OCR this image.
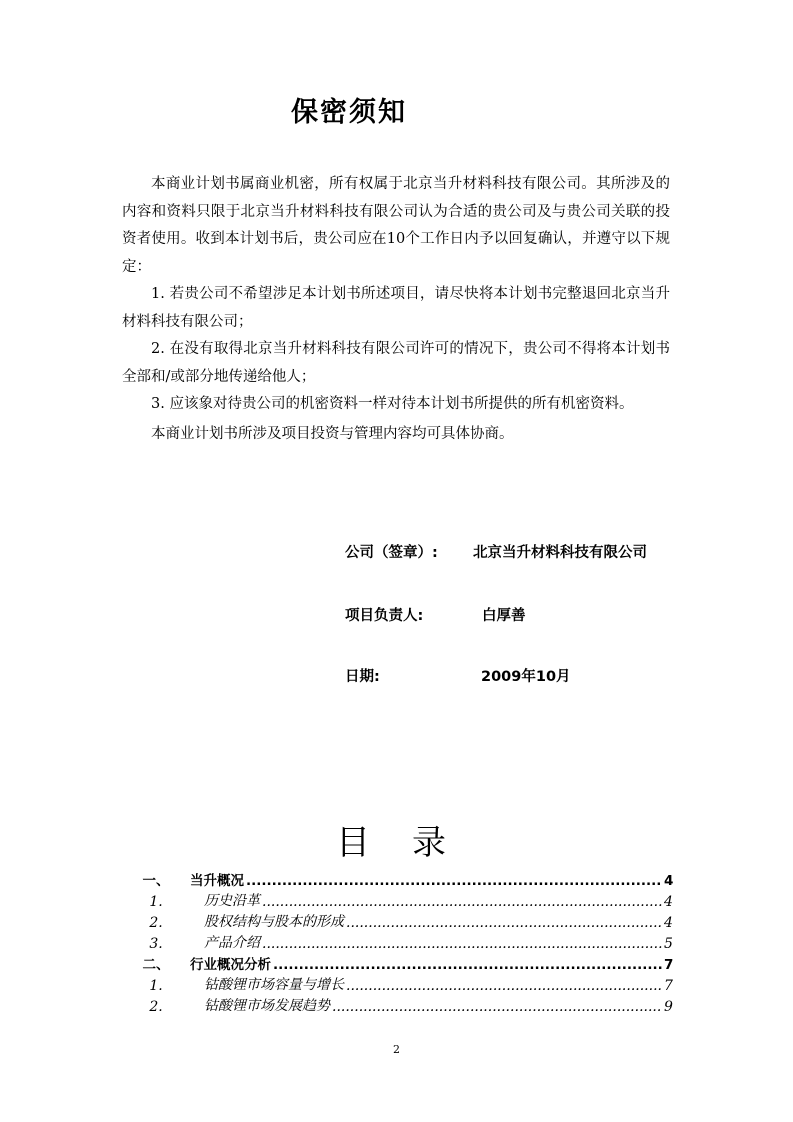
保密须知

本商业计划书属商业机密，所有权属于北京当升材料科技有限公司。其所涉及的内容和资料只限于北京当升材料科技有限公司认为合适的贵公司及与贵公司关联的投资者使用。收到本计划书后，贵公司应在10个工作日内予以回复确认，并遵守以下规定：

1. 若贵公司不希望涉足本计划书所述项目，请尽快将本计划书完整退回北京当升材料科技有限公司；

2. 在没有取得北京当升材料科技有限公司许可的情况下，贵公司不得将本计划书全部和/或部分地传递给他人；

3. 应该象对待贵公司的机密资料一样对待本计划书所提供的所有机密资料。

本商业计划书所涉及项目投资与管理内容均可具体协商。

公司（签章）: 北京当升材料科技有限公司
项目负责人:	白厚善
日期:	2009年10月
目 录
一、	当升概况 .....	4
1.	历史沿革 .....	4
2.	股权结构与股本的形成 .....	4
3.	产品介绍 .....	5
二、	行业概况分析 .....	7
1.	钴酸锂市场容量与增长 .....	7
2.	钴酸锂市场发展趋势 .....	9
2
